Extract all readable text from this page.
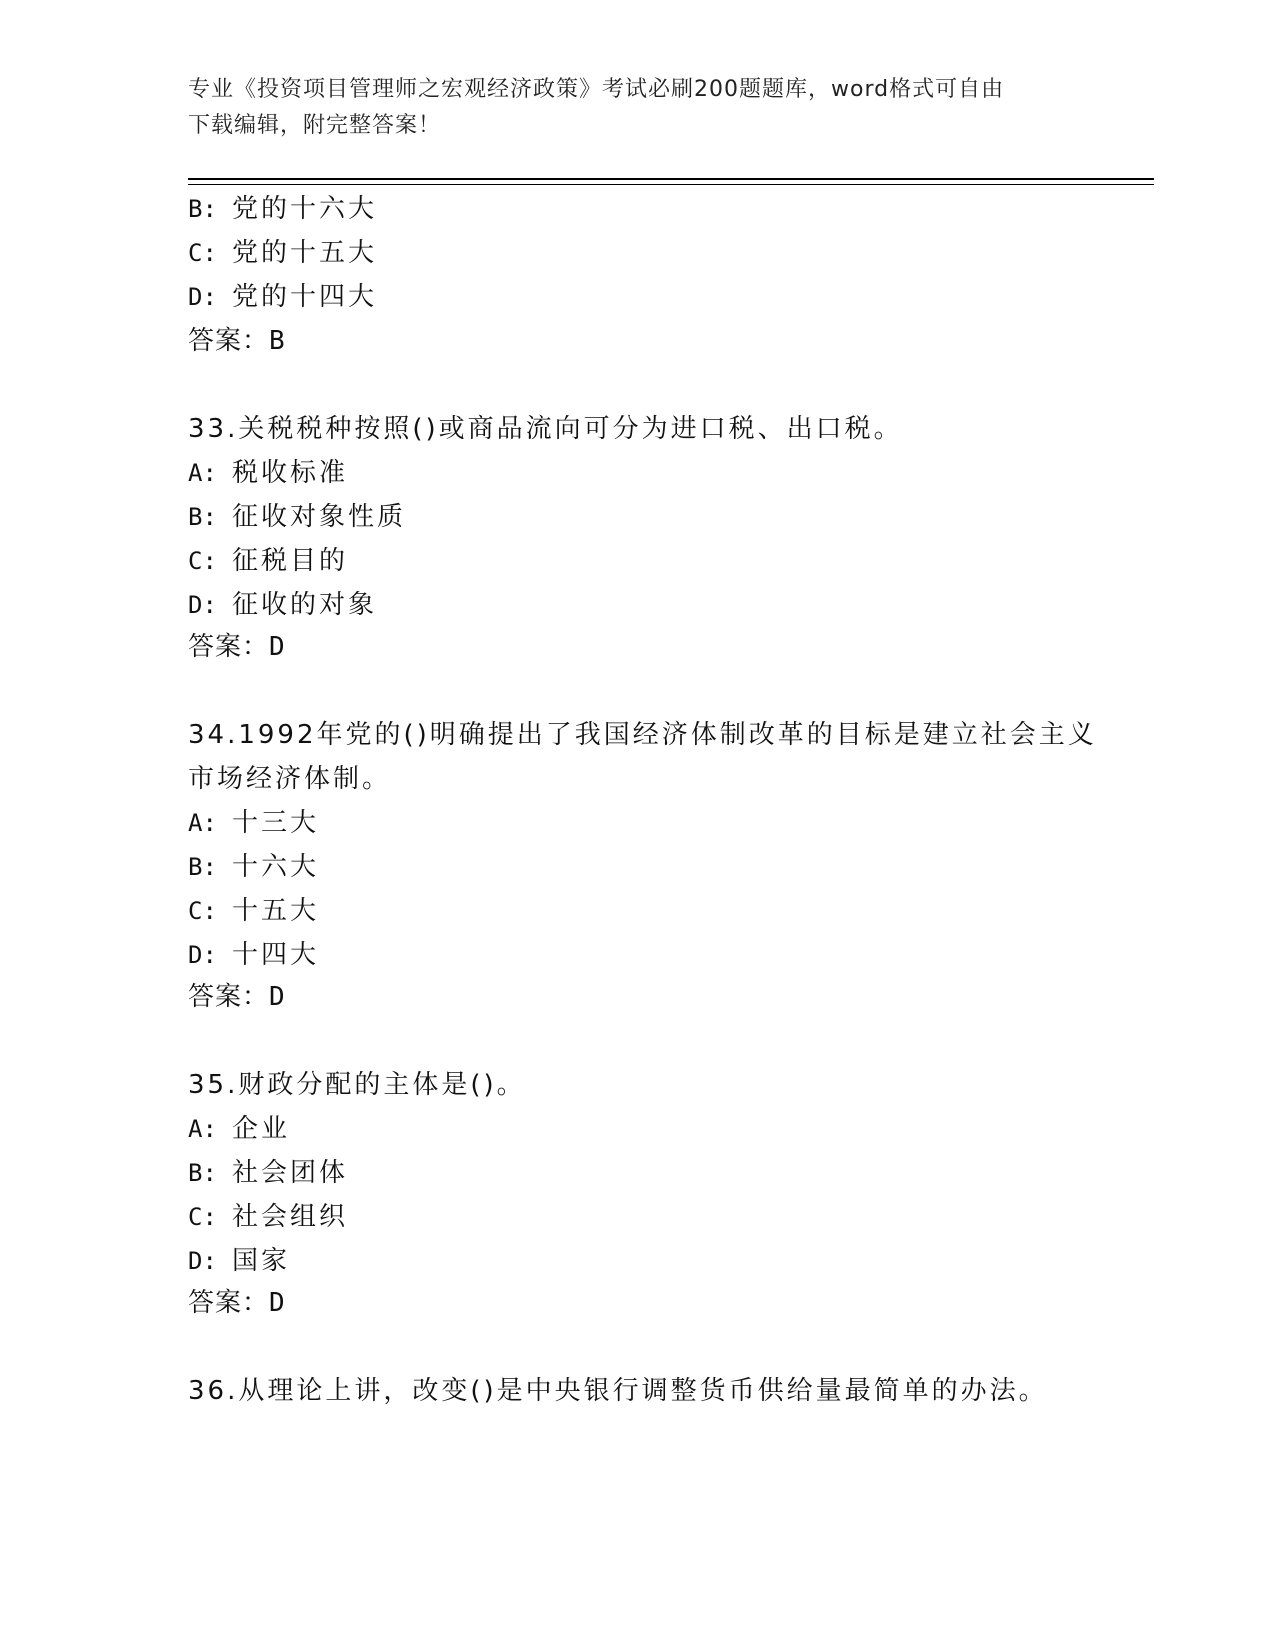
专业《投资项目管理师之宏观经济政策》考试必刷200题题库，word格式可自由
下载编辑，附完整答案！
B: 党的十六大
C: 党的十五大
D: 党的十四大
答案：B
33.关税税种按照()或商品流向可分为进口税、出口税。
A: 税收标准
B: 征收对象性质
C: 征税目的
D: 征收的对象
答案：D
34.1992年党的()明确提出了我国经济体制改革的目标是建立社会主义
市场经济体制。
A: 十三大
B: 十六大
C: 十五大
D: 十四大
答案：D
35.财政分配的主体是()。
A: 企业
B: 社会团体
C: 社会组织
D: 国家
答案：D
36.从理论上讲，改变()是中央银行调整货币供给量最简单的办法。
